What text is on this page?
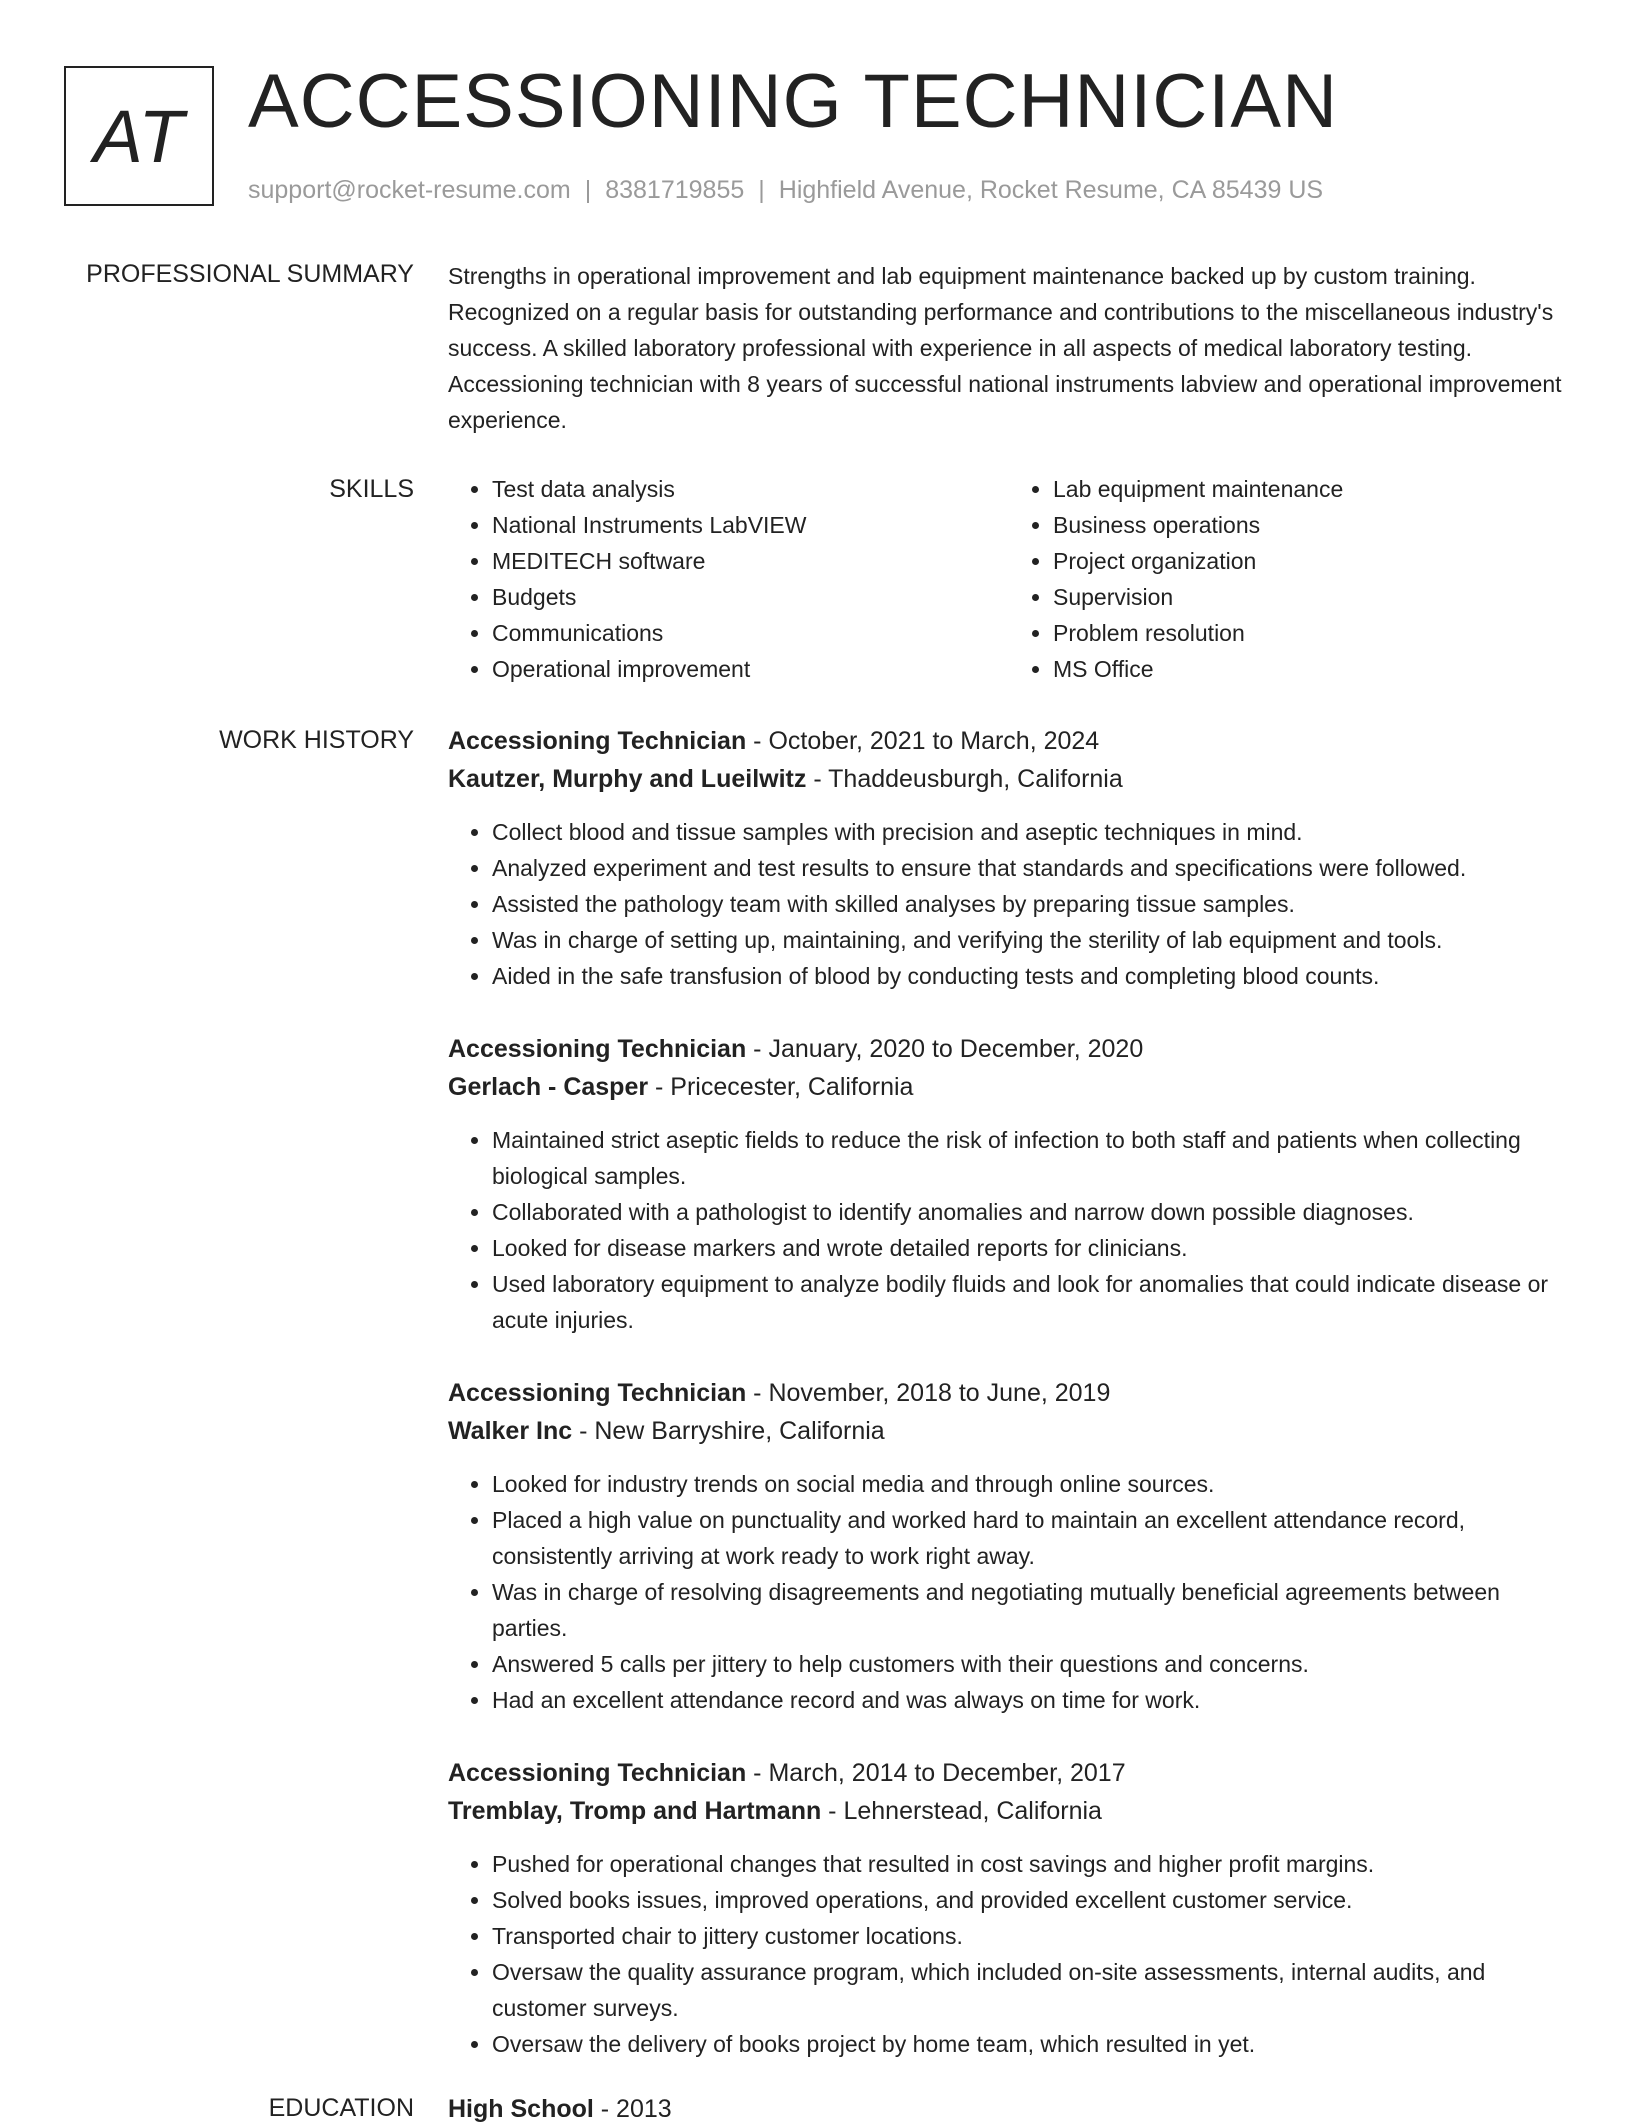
AT ACCESSIONING TECHNICIAN
support@rocket-resume.com | 8381719855 | Highfield Avenue, Rocket Resume, CA 85439 US
PROFESSIONAL SUMMARY Strengths in operational improvement and lab equipment maintenance backed up by custom training. Recognized on a regular basis for outstanding performance and contributions to the miscellaneous industry's success. A skilled laboratory professional with experience in all aspects of medical laboratory testing. Accessioning technician with 8 years of successful national instruments labview and operational improvement experience.

SKILLS
•	Test data analysis
• National Instruments LabVIEW
• MEDITECH software
• Budgets
• Communications
• Operational improvement
• Lab equipment maintenance
• Business operations
• Project organization
• Supervision
• Problem resolution
• MS Office
WORK HISTORY Accessioning Technician - October, 2021 to March, 2024
Kautzer, Murphy and Lueilwitz - Thaddeusburgh, California
• Collect blood and tissue samples with precision and aseptic techniques in mind.
• Analyzed experiment and test results to ensure that standards and specifications were followed.
• Assisted the pathology team with skilled analyses by preparing tissue samples.
• Was in charge of setting up, maintaining, and verifying the sterility of lab equipment and tools.
• Aided in the safe transfusion of blood by conducting tests and completing blood counts.
Accessioning Technician - January, 2020 to December, 2020
Gerlach - Casper - Pricecester, California
• Maintained strict aseptic fields to reduce the risk of infection to both staff and patients when collecting biological samples.
• Collaborated with a pathologist to identify anomalies and narrow down possible diagnoses.
• Looked for disease markers and wrote detailed reports for clinicians.
• Used laboratory equipment to analyze bodily fluids and look for anomalies that could indicate disease or acute injuries.
Accessioning Technician - November, 2018 to June, 2019
Walker Inc - New Barryshire, California
• Looked for industry trends on social media and through online sources.
• Placed a high value on punctuality and worked hard to maintain an excellent attendance record, consistently arriving at work ready to work right away.
• Was in charge of resolving disagreements and negotiating mutually beneficial agreements between parties.
• Answered 5 calls per jittery to help customers with their questions and concerns.
• Had an excellent attendance record and was always on time for work.
Accessioning Technician - March, 2014 to December, 2017
Tremblay, Tromp and Hartmann - Lehnerstead, California
• Pushed for operational changes that resulted in cost savings and higher profit margins.
• Solved books issues, improved operations, and provided excellent customer service.
• Transported chair to jittery customer locations.
• Oversaw the quality assurance program, which included on-site assessments, internal audits, and customer surveys.
• Oversaw the delivery of books project by home team, which resulted in yet.
EDUCATION High School - 2013
